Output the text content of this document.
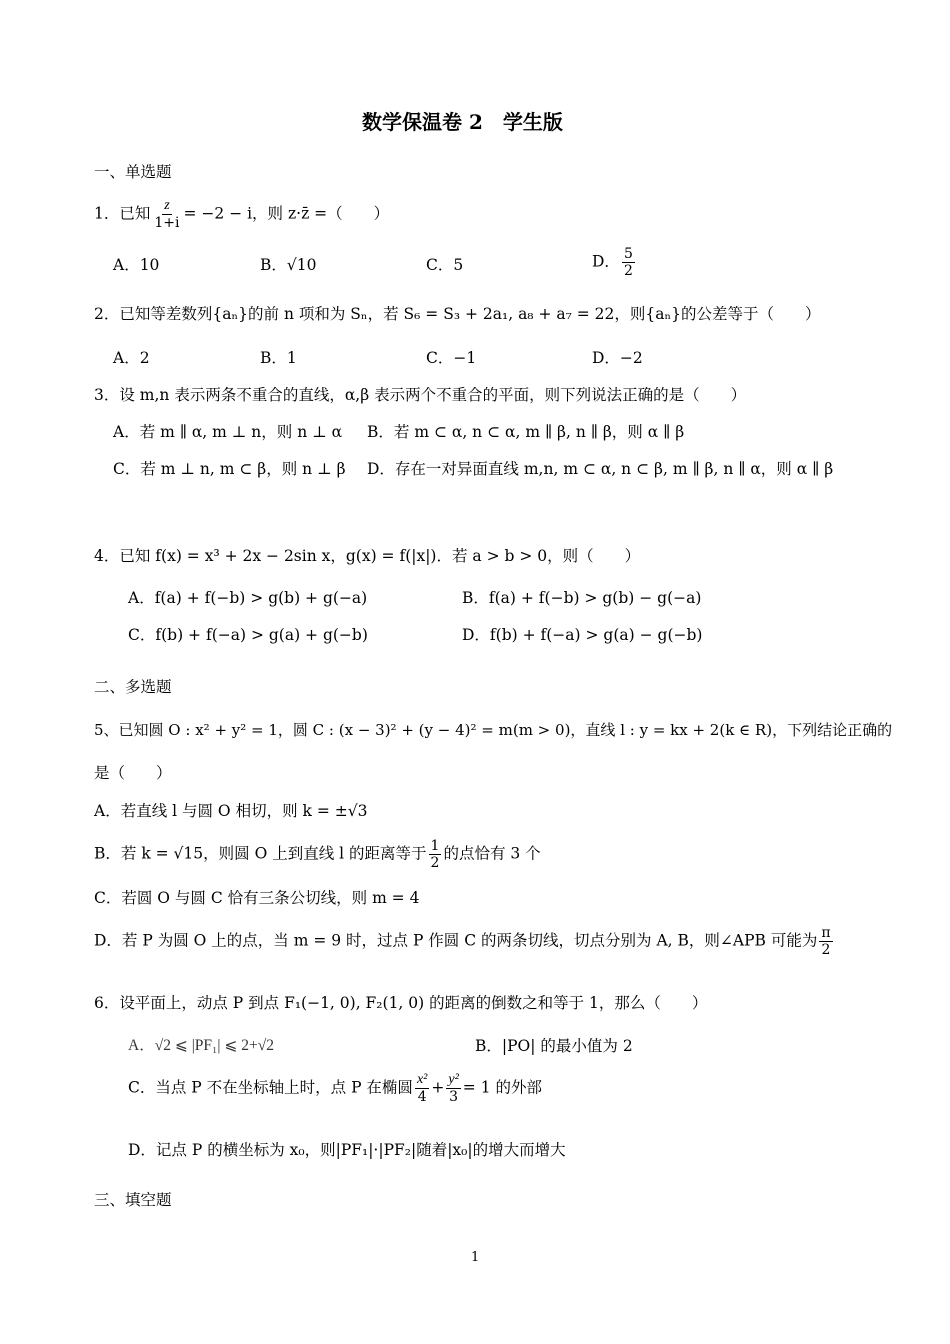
数学保温卷 2　学生版
一、单选题
1．已知 $\frac{z}{1+i} = -2 - i$，则 z·z̄ =（　　）
A．10	B．√10	C．5	D． $\frac{5}{2}$
2．已知等差数列{aₙ}的前 n 项和为 Sₙ，若 S₆ = S₃ + 2a₁, a₈ + a₇ = 22，则{aₙ}的公差等于（　　）
A．2	B．1	C．−1	D．−2
3．设 m,n 表示两条不重合的直线，α,β 表示两个不重合的平面，则下列说法正确的是（　　）
A．若 m ∥ α, m ⊥ n，则 n ⊥ α B．若 m ⊂ α, n ⊂ α, m ∥ β, n ∥ β，则 α ∥ β
C．若 m ⊥ n, m ⊂ β，则 n ⊥ β D．存在一对异面直线 m,n, m ⊂ α, n ⊂ β, m ∥ β, n ∥ α，则 α ∥ β
4．已知 f(x) = x³ + 2x − 2sin x，g(x) = f(|x|)．若 a > b > 0，则（　　）
A．f(a) + f(−b) > g(b) + g(−a)	B．f(a) + f(−b) > g(b) − g(−a)
C．f(b) + f(−a) > g(a) + g(−b)	D．f(b) + f(−a) > g(a) − g(−b)
二、多选题
5、已知圆 O : x² + y² = 1，圆 C : (x − 3)² + (y − 4)² = m(m > 0)，直线 l : y = kx + 2(k ∈ R)，下列结论正确的
是（　　）
A．若直线 l 与圆 O 相切，则 k = ±√3
B．若 k = √15，则圆 O 上到直线 l 的距离等于 $\frac{1}{2}$ 的点恰有 3 个
C．若圆 O 与圆 C 恰有三条公切线，则 m = 4
D．若 P 为圆 O 上的点，当 m = 9 时，过点 P 作圆 C 的两条切线，切点分别为 A, B，则∠APB 可能为 $\frac{\pi}{2}$
6．设平面上，动点 P 到点 F₁(−1, 0), F₂(1, 0) 的距离的倒数之和等于 1，那么（　　）
A．√2 ⩽ |PF₁| ⩽ 2+√2	B．|PO| 的最小值为 2
C．当点 P 不在坐标轴上时，点 P 在椭圆 $\frac{\text{x²}}{4} + \frac{\text{y²}}{3} = 1$ 的外部
D．记点 P 的横坐标为 x₀，则|PF₁|·|PF₂|随着|x₀|的增大而增大
三、填空题
1
